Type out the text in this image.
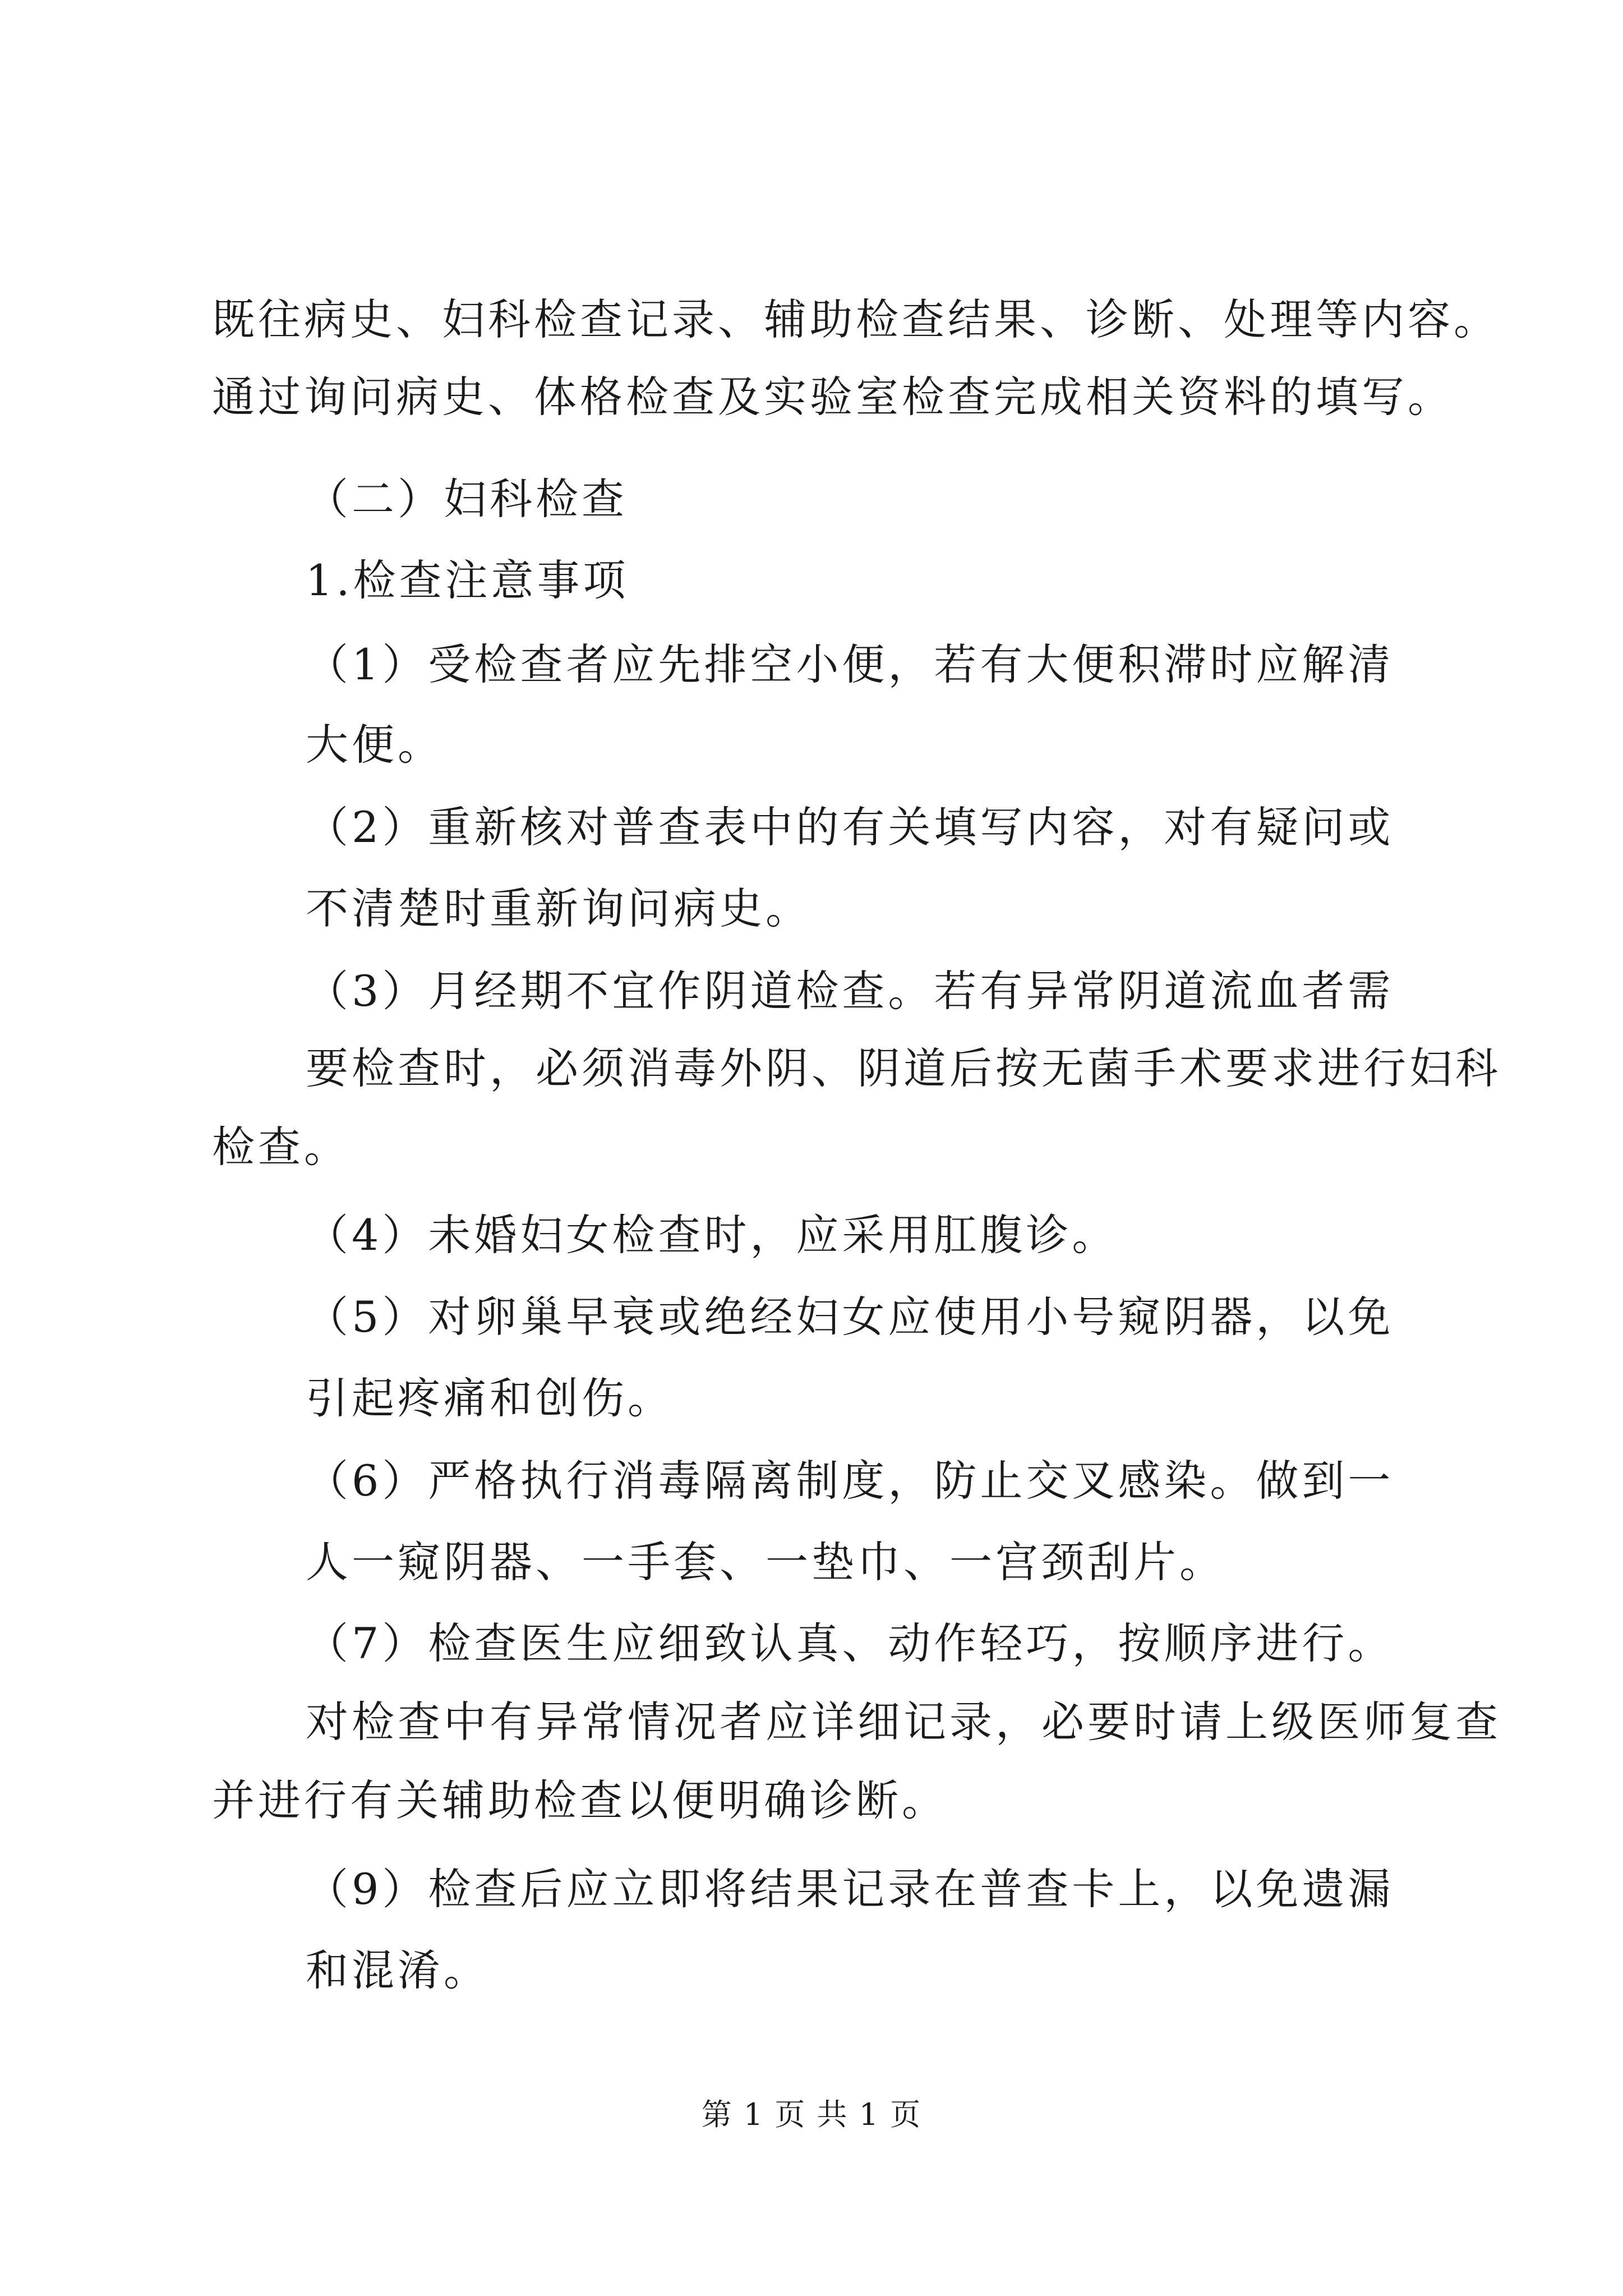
既往病史、妇科检查记录、辅助检查结果、诊断、处理等内容。
通过询问病史、体格检查及实验室检查完成相关资料的填写。
（二）妇科检查
1.检查注意事项
（1）受检查者应先排空小便，若有大便积滞时应解清
大便。
（2）重新核对普查表中的有关填写内容，对有疑问或
不清楚时重新询问病史。
（3）月经期不宜作阴道检查。若有异常阴道流血者需
要检查时，必须消毒外阴、阴道后按无菌手术要求进行妇科
检查。
（4）未婚妇女检查时，应采用肛腹诊。
（5）对卵巢早衰或绝经妇女应使用小号窥阴器，以免
引起疼痛和创伤。
（6）严格执行消毒隔离制度，防止交叉感染。做到一
人一窥阴器、一手套、一垫巾、一宫颈刮片。
（7）检查医生应细致认真、动作轻巧，按顺序进行。
对检查中有异常情况者应详细记录，必要时请上级医师复查
并进行有关辅助检查以便明确诊断。
（9）检查后应立即将结果记录在普查卡上，以免遗漏
和混淆。
第 1 页 共 1 页
